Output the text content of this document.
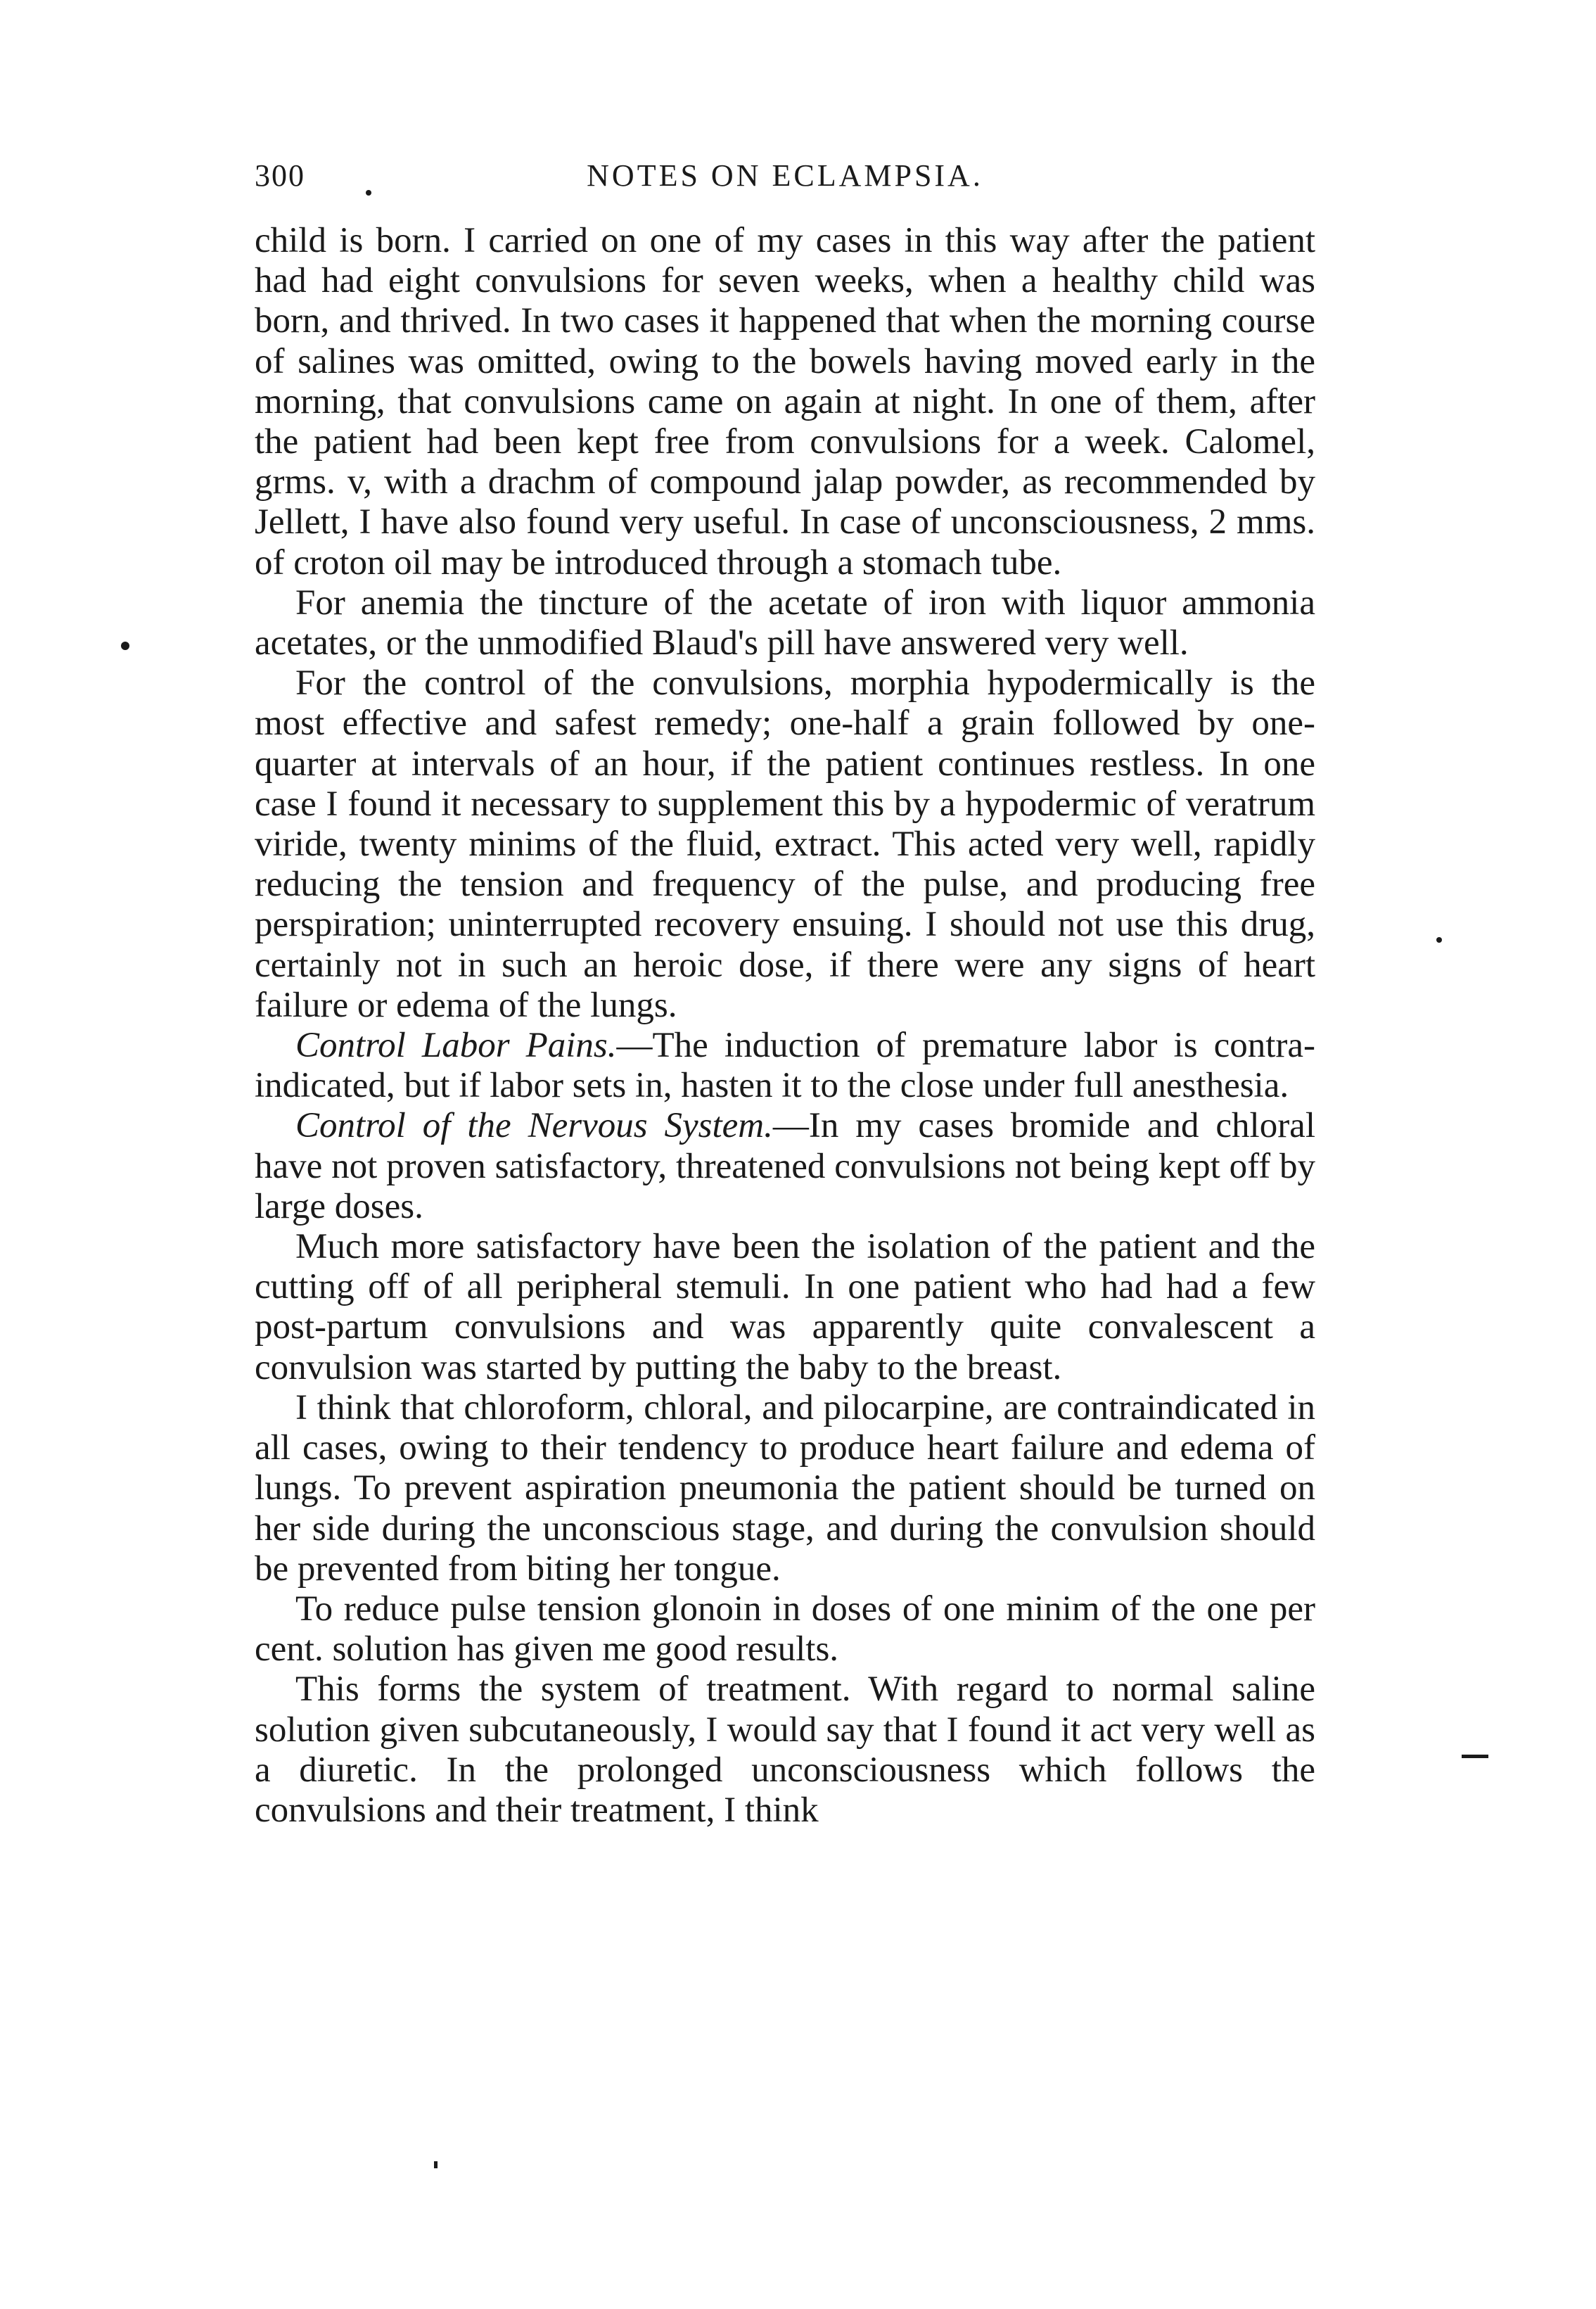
300	NOTES ON ECLAMPSIA.

child is born. I carried on one of my cases in this way after the patient had had eight convulsions for seven weeks, when a healthy child was born, and thrived. In two cases it happened that when the morning course of salines was omitted, owing to the bowels having moved early in the morning, that convulsions came on again at night. In one of them, after the patient had been kept free from convulsions for a week. Calomel, grms. v, with a drachm of compound jalap powder, as recommended by Jellett, I have also found very useful. In case of unconsciousness, 2 mms. of croton oil may be introduced through a stomach tube.

For anemia the tincture of the acetate of iron with liquor ammonia acetates, or the unmodified Blaud's pill have answered very well.

For the control of the convulsions, morphia hypodermically is the most effective and safest remedy; one-half a grain followed by one-quarter at intervals of an hour, if the patient continues restless. In one case I found it necessary to supplement this by a hypodermic of veratrum viride, twenty minims of the fluid, extract. This acted very well, rapidly reducing the tension and frequency of the pulse, and producing free perspiration; uninterrupted recovery ensuing. I should not use this drug, certainly not in such an heroic dose, if there were any signs of heart failure or edema of the lungs.

Control Labor Pains.—The induction of premature labor is contra-indicated, but if labor sets in, hasten it to the close under full anesthesia.

Control of the Nervous System.—In my cases bromide and chloral have not proven satisfactory, threatened convulsions not being kept off by large doses.

Much more satisfactory have been the isolation of the patient and the cutting off of all peripheral stemuli. In one patient who had had a few post-partum convulsions and was apparently quite convalescent a convulsion was started by putting the baby to the breast.

I think that chloroform, chloral, and pilocarpine, are contraindicated in all cases, owing to their tendency to produce heart failure and edema of lungs. To prevent aspiration pneumonia the patient should be turned on her side during the unconscious stage, and during the convulsion should be prevented from biting her tongue.

To reduce pulse tension glonoin in doses of one minim of the one per cent. solution has given me good results.

This forms the system of treatment. With regard to normal saline solution given subcutaneously, I would say that I found it act very well as a diuretic. In the prolonged unconsciousness which follows the convulsions and their treatment, I think
